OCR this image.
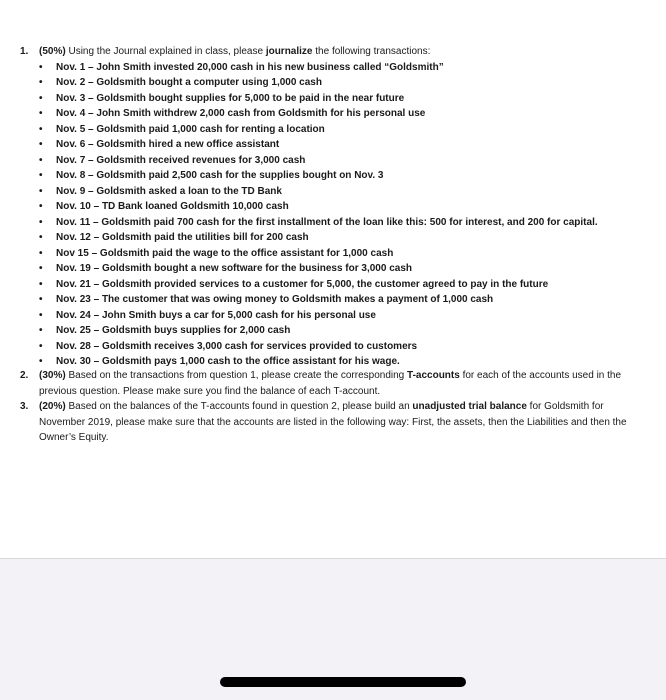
1. (50%) Using the Journal explained in class, please journalize the following transactions:
• Nov. 1 – John Smith invested 20,000 cash in his new business called “Goldsmith”
• Nov. 2 – Goldsmith bought a computer using 1,000 cash
• Nov. 3 – Goldsmith bought supplies for 5,000 to be paid in the near future
• Nov. 4 – John Smith withdrew 2,000 cash from Goldsmith for his personal use
• Nov. 5 – Goldsmith paid 1,000 cash for renting a location
• Nov. 6 – Goldsmith hired a new office assistant
• Nov. 7 – Goldsmith received revenues for 3,000 cash
• Nov. 8 – Goldsmith paid 2,500 cash for the supplies bought on Nov. 3
• Nov. 9 – Goldsmith asked a loan to the TD Bank
• Nov. 10 – TD Bank loaned Goldsmith 10,000 cash
• Nov. 11 – Goldsmith paid 700 cash for the first installment of the loan like this: 500 for interest, and 200 for capital.
• Nov. 12 – Goldsmith paid the utilities bill for 200 cash
• Nov 15 – Goldsmith paid the wage to the office assistant for 1,000 cash
• Nov. 19 – Goldsmith bought a new software for the business for 3,000 cash
• Nov. 21 – Goldsmith provided services to a customer for 5,000, the customer agreed to pay in the future
• Nov. 23 – The customer that was owing money to Goldsmith makes a payment of 1,000 cash
• Nov. 24 – John Smith buys a car for 5,000 cash for his personal use
• Nov. 25 – Goldsmith buys supplies for 2,000 cash
• Nov. 28 – Goldsmith receives 3,000 cash for services provided to customers
• Nov. 30 – Goldsmith pays 1,000 cash to the office assistant for his wage.
2. (30%) Based on the transactions from question 1, please create the corresponding T-accounts for each of the accounts used in the previous question. Please make sure you find the balance of each T-account.
3. (20%) Based on the balances of the T-accounts found in question 2, please build an unadjusted trial balance for Goldsmith for November 2019, please make sure that the accounts are listed in the following way: First, the assets, then the Liabilities and then the Owner’s Equity.
